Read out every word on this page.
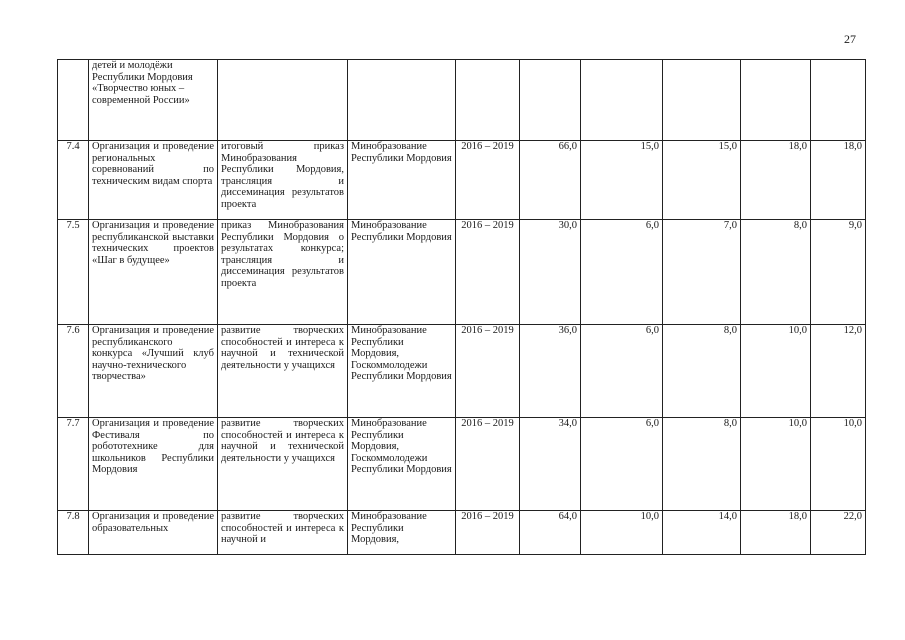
27
	детей и молодёжи Республики Мордовия «Творчество юных – современной России»								
7.4	Организация и проведение региональных соревнований по техническим видам спорта	итоговый приказ Минобразования Республики Мордовия, трансляция и диссеминация результатов проекта	Минобразование Республики Мордовия	2016 – 2019	66,0	15,0	15,0	18,0	18,0
7.5	Организация и проведение республиканской выставки технических проектов «Шаг в будущее»	приказ Минобразования Республики Мордовия о результатах конкурса; трансляция и диссеминация результатов проекта	Минобразование Республики Мордовия	2016 – 2019	30,0	6,0	7,0	8,0	9,0
7.6	Организация и проведение республиканского конкурса «Лучший клуб научно-технического творчества»	развитие творческих способностей и интереса к научной и технической деятельности у учащихся	Минобразование Республики Мордовия, Госкоммолодежи Республики Мордовия	2016 – 2019	36,0	6,0	8,0	10,0	12,0
7.7	Организация и проведение Фестиваля по робототехнике для школьников Республики Мордовия	развитие творческих способностей и интереса к научной и технической деятельности у учащихся	Минобразование Республики Мордовия, Госкоммолодежи Республики Мордовия	2016 – 2019	34,0	6,0	8,0	10,0	10,0
7.8	Организация и проведение образовательных	развитие творческих способностей и интереса к научной и	Минобразование Республики Мордовия,	2016 – 2019	64,0	10,0	14,0	18,0	22,0
